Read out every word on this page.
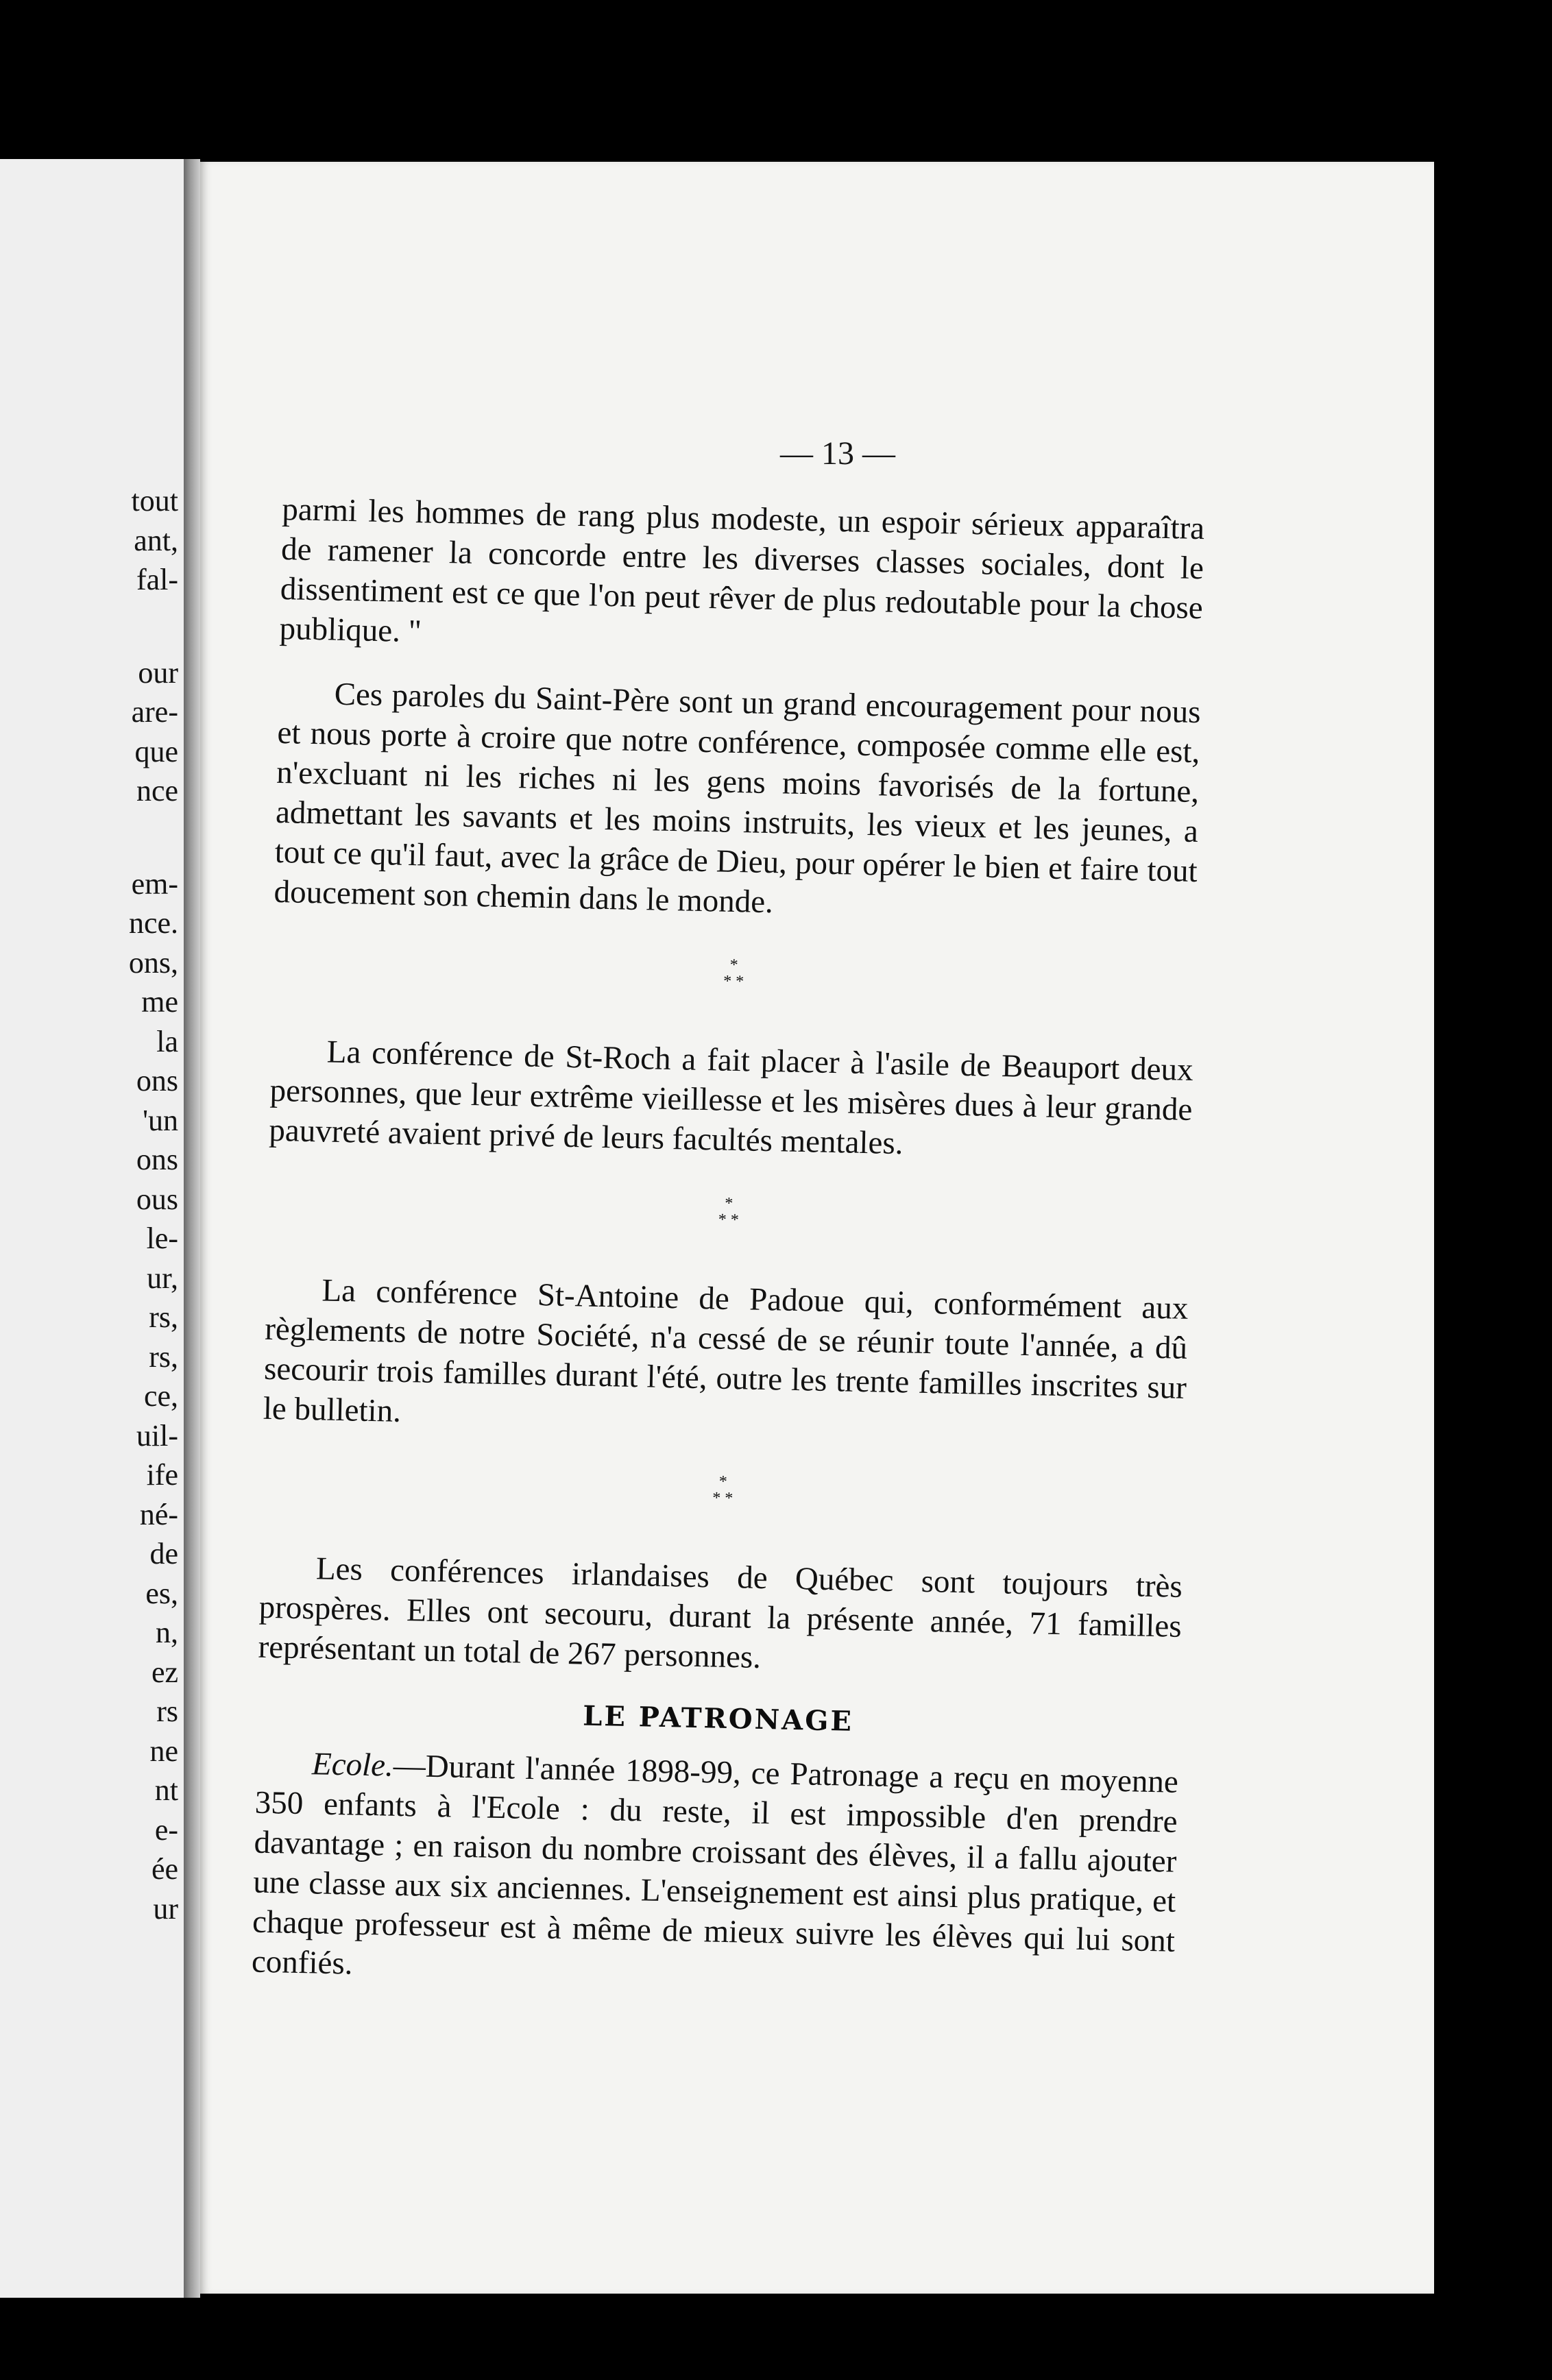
tout
ant,
fal-
our
are-
que
nce
em-
nce.
ons,
me
la
ons
'un
ons
ous
le-
ur,
rs,
rs,
ce,
uil-
ife
né-
de
es,
n,
ez
rs
ne
nt
e-
ée
ur
— 13 —

parmi les hommes de rang plus modeste, un espoir sérieux apparaîtra de ramener la concorde entre les diverses classes sociales, dont le dissentiment est ce que l'on peut rêver de plus redoutable pour la chose publique. "

Ces paroles du Saint-Père sont un grand encouragement pour nous et nous porte à croire que notre conférence, composée comme elle est, n'excluant ni les riches ni les gens moins favorisés de la fortune, admettant les savants et les moins instruits, les vieux et les jeunes, a tout ce qu'il faut, avec la grâce de Dieu, pour opérer le bien et faire tout doucement son chemin dans le monde.

*
* *

La conférence de St-Roch a fait placer à l'asile de Beauport deux personnes, que leur extrême vieillesse et les misères dues à leur grande pauvreté avaient privé de leurs facultés mentales.

*
* *

La conférence St-Antoine de Padoue qui, conformément aux règlements de notre Société, n'a cessé de se réunir toute l'année, a dû secourir trois familles durant l'été, outre les trente familles inscrites sur le bulletin.

*
* *

Les conférences irlandaises de Québec sont toujours très prospères. Elles ont secouru, durant la présente année, 71 familles représentant un total de 267 personnes.

LE PATRONAGE

Ecole.—Durant l'année 1898-99, ce Patronage a reçu en moyenne 350 enfants à l'Ecole : du reste, il est impossible d'en prendre davantage ; en raison du nombre croissant des élèves, il a fallu ajouter une classe aux six anciennes. L'enseignement est ainsi plus pratique, et chaque professeur est à même de mieux suivre les élèves qui lui sont confiés.
